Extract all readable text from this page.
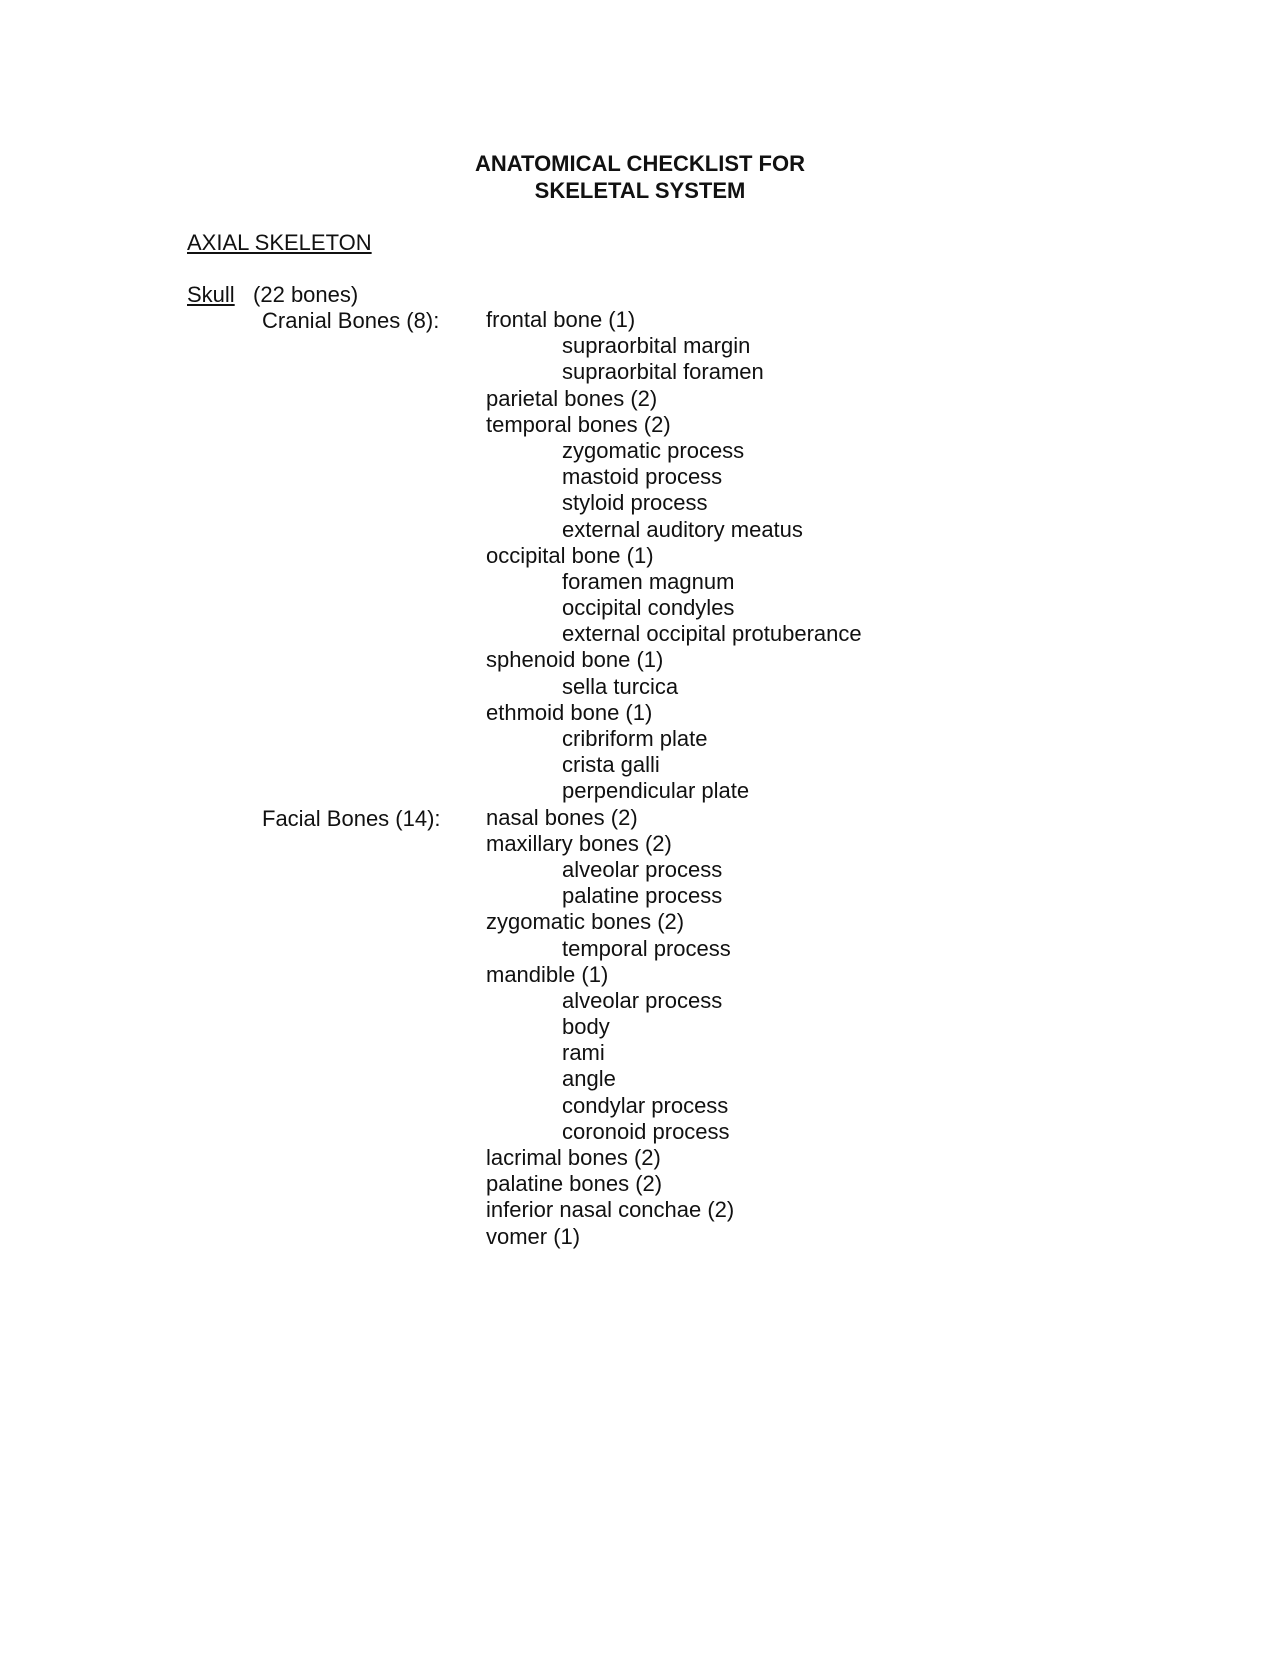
ANATOMICAL CHECKLIST FOR
SKELETAL SYSTEM
AXIAL SKELETON
Skull (22 bones)
Cranial Bones (8):
Facial Bones (14):
frontal bone (1)
supraorbital margin
supraorbital foramen
parietal bones (2)
temporal bones (2)
zygomatic process
mastoid process
styloid process
external auditory meatus
occipital bone (1)
foramen magnum
occipital condyles
external occipital protuberance
sphenoid bone (1)
sella turcica
ethmoid bone (1)
cribriform plate
crista galli
perpendicular plate
nasal bones (2)
maxillary bones (2)
alveolar process
palatine process
zygomatic bones (2)
temporal process
mandible (1)
alveolar process
body
rami
angle
condylar process
coronoid process
lacrimal bones (2)
palatine bones (2)
inferior nasal conchae (2)
vomer (1)
